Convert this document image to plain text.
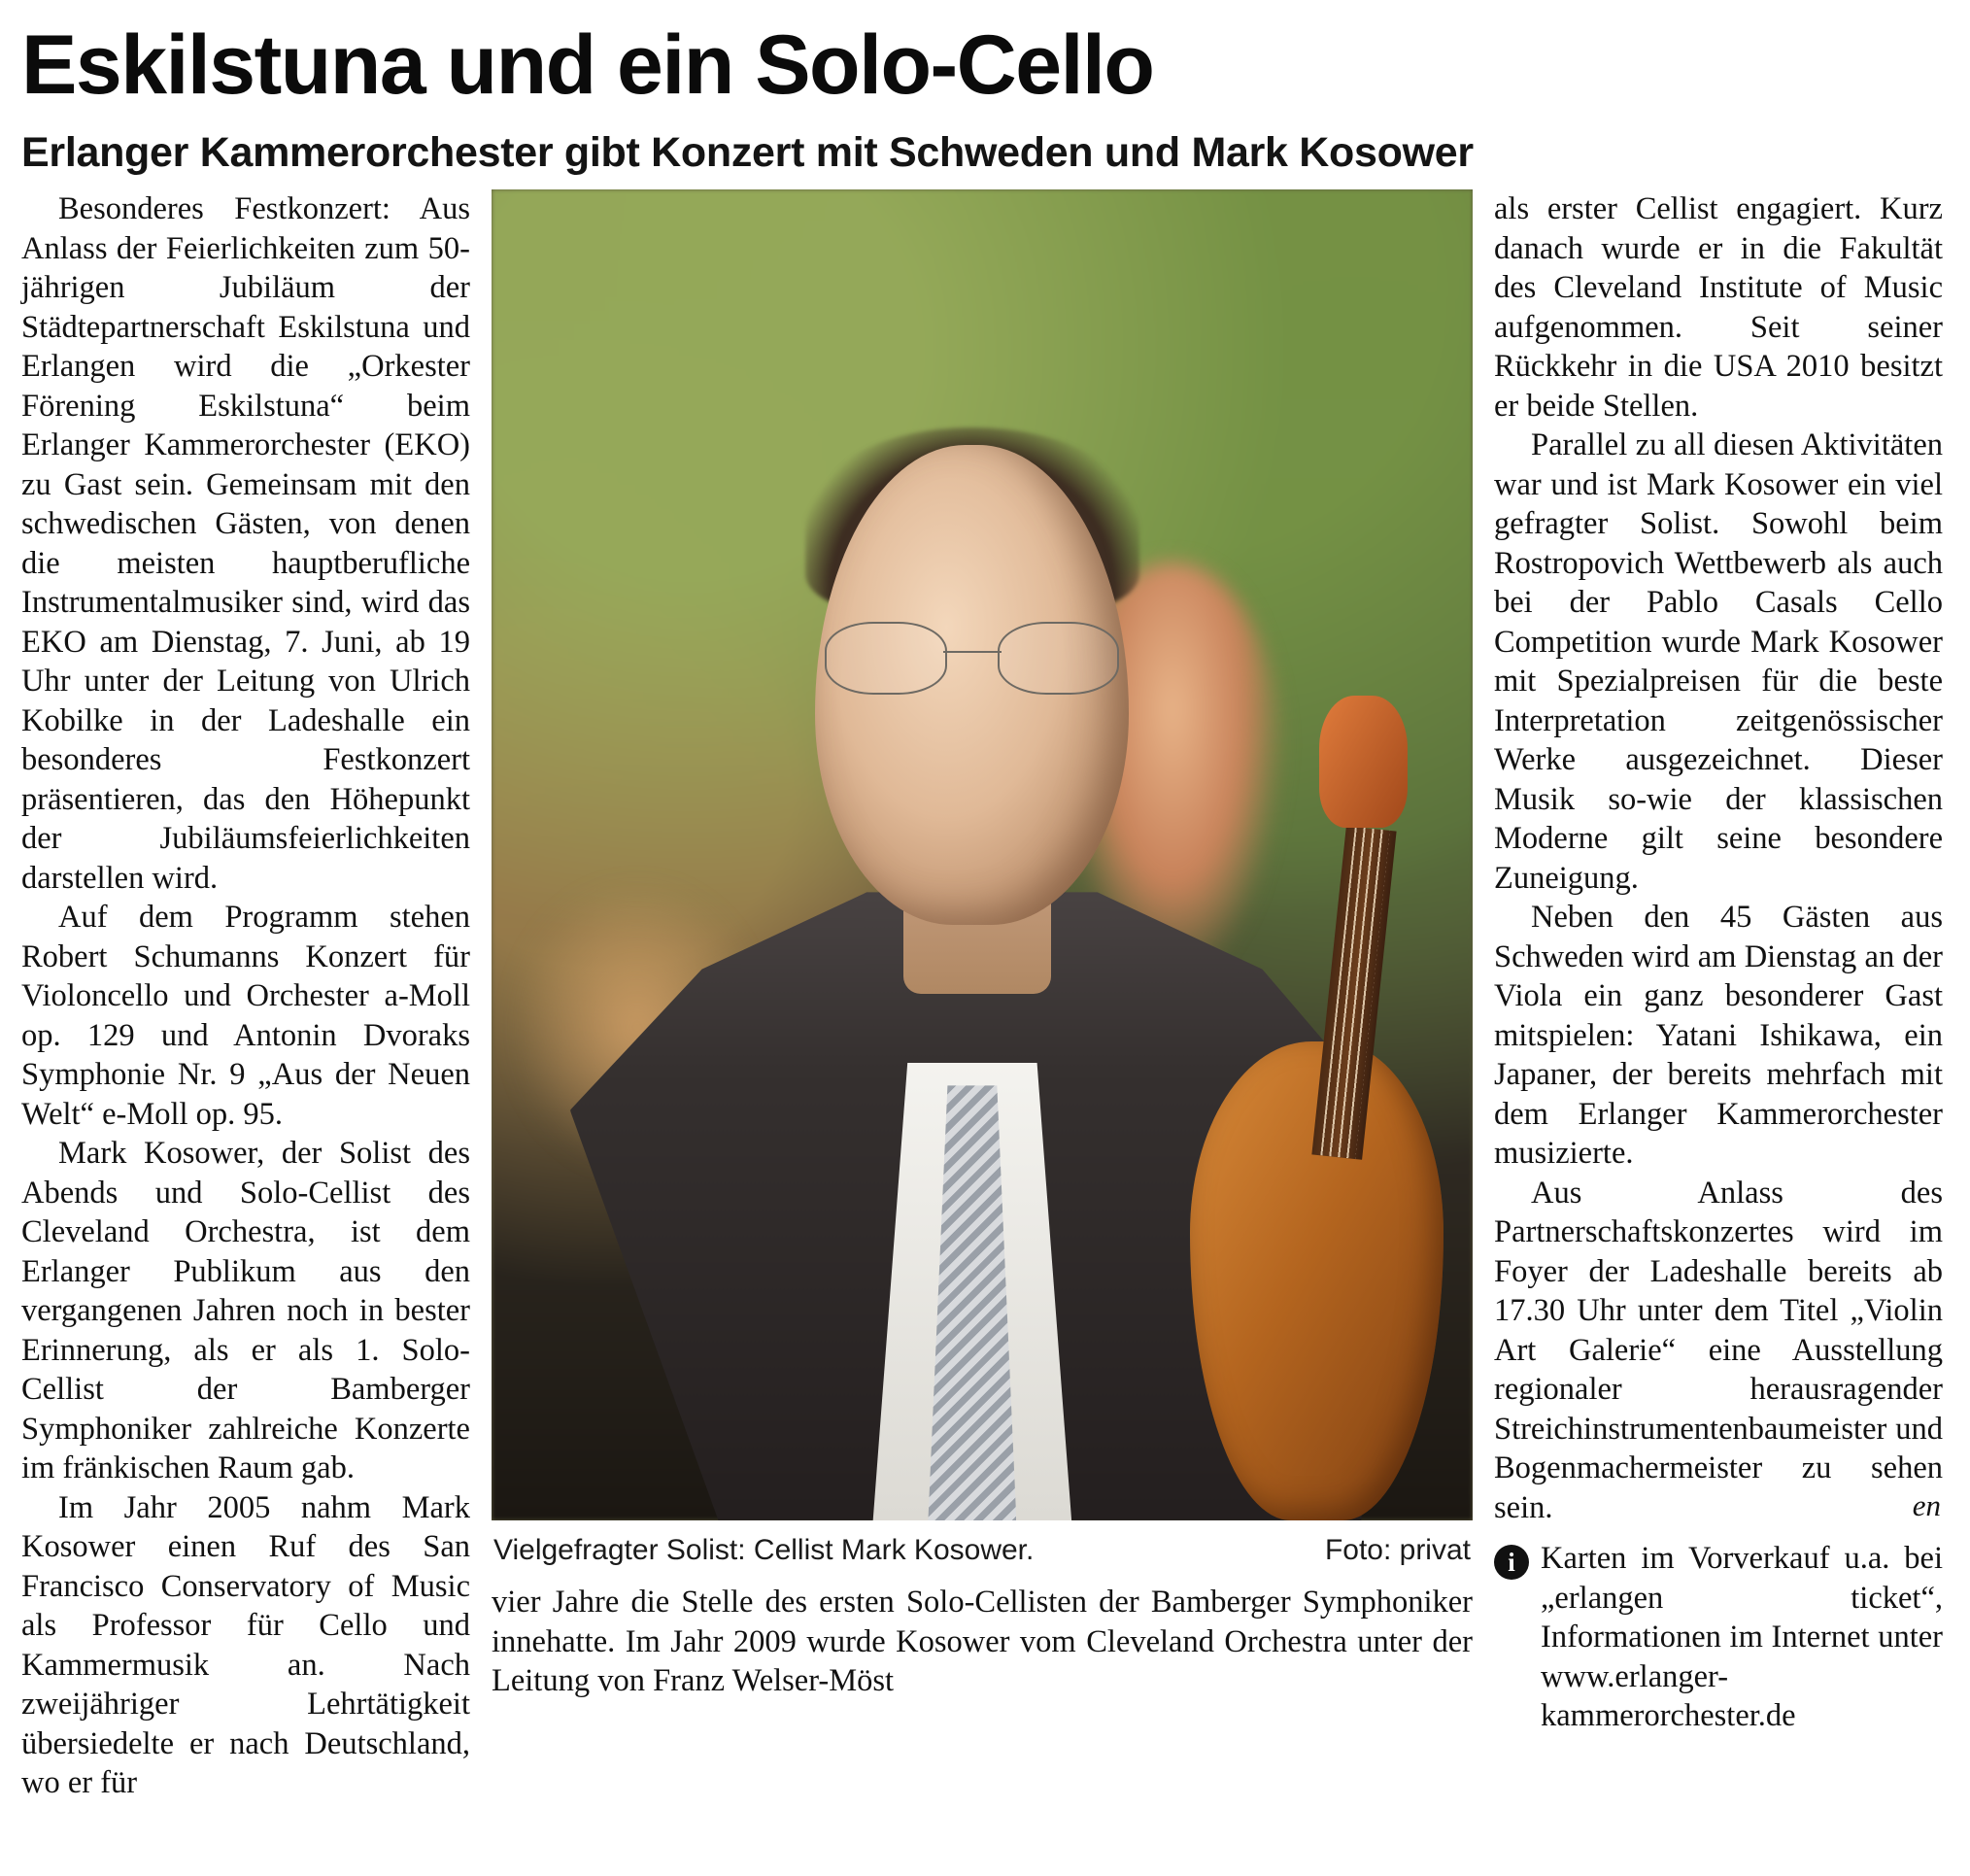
Eskilstuna und ein Solo-Cello
Erlanger Kammerorchester gibt Konzert mit Schweden und Mark Kosower

Besonderes Festkonzert: Aus Anlass der Feierlichkeiten zum 50-jährigen Jubiläum der Städtepartnerschaft Eskilstuna und Erlangen wird die „Orkester Förening Eskilstuna“ beim Erlanger Kammerorchester (EKO) zu Gast sein. Gemeinsam mit den schwedischen Gästen, von denen die meisten hauptberufliche Instrumentalmusiker sind, wird das EKO am Dienstag, 7. Juni, ab 19 Uhr unter der Leitung von Ulrich Kobilke in der Ladeshalle ein besonderes Festkonzert präsentieren, das den Höhepunkt der Jubiläumsfeierlichkeiten darstellen wird.

Auf dem Programm stehen Robert Schumanns Konzert für Violoncello und Orchester a-Moll op. 129 und Antonin Dvoraks Symphonie Nr. 9 „Aus der Neuen Welt“ e-Moll op. 95.

Mark Kosower, der Solist des Abends und Solo-Cellist des Cleveland Orchestra, ist dem Erlanger Publikum aus den vergangenen Jahren noch in bester Erinnerung, als er als 1. Solo-Cellist der Bamberger Symphoniker zahlreiche Konzerte im fränkischen Raum gab.

Im Jahr 2005 nahm Mark Kosower einen Ruf des San Francisco Conservatory of Music als Professor für Cello und Kammermusik an. Nach zweijähriger Lehrtätigkeit übersiedelte er nach Deutschland, wo er für

Vielgefragter Solist: Cellist Mark Kosower.	Foto: privat

vier Jahre die Stelle des ersten Solo-Cellisten der Bamberger Symphoniker innehatte. Im Jahr 2009 wurde Kosower vom Cleveland Orchestra unter der Leitung von Franz Welser-Möst

als erster Cellist engagiert. Kurz danach wurde er in die Fakultät des Cleveland Institute of Music aufgenommen. Seit seiner Rückkehr in die USA 2010 besitzt er beide Stellen.

Parallel zu all diesen Aktivitäten war und ist Mark Kosower ein viel gefragter Solist. Sowohl beim Rostropovich Wettbewerb als auch bei der Pablo Casals Cello Competition wurde Mark Kosower mit Spezialpreisen für die beste Interpretation zeitgenössischer Werke ausgezeichnet. Dieser Musik so-wie der klassischen Moderne gilt seine besondere Zuneigung.

Neben den 45 Gästen aus Schweden wird am Dienstag an der Viola ein ganz besonderer Gast mitspielen: Yatani Ishikawa, ein Japaner, der bereits mehrfach mit dem Erlanger Kammerorchester musizierte.

Aus Anlass des Partnerschaftskonzertes wird im Foyer der Ladeshalle bereits ab 17.30 Uhr unter dem Titel „Violin Art Galerie“ eine Ausstellung regionaler herausragender Streichinstrumentenbaumeister und Bogenmachermeister zu sehen sein.	en
i Karten im Vorverkauf u.a. bei „erlangen ticket“, Informationen im Internet unter www.erlanger-kammerorchester.de
